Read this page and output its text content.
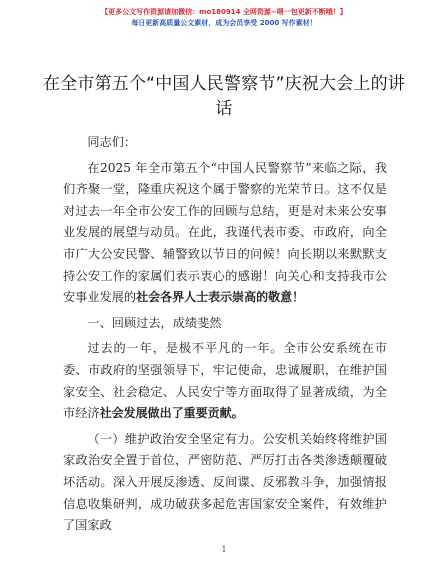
【更多公文写作资源请加微信：mo180914 全网资源~喂一包更新不断哦！】
每日更新高质量公文素材，成为会员享受 2000 写作素材！
在全市第五个“中国人民警察节”庆祝大会上的讲话

同志们：

在2025 年全市第五个“中国人民警察节”来临之际，我们齐聚一堂，隆重庆祝这个属于警察的光荣节日。这不仅是对过去一年全市公安工作的回顾与总结，更是对未来公安事业发展的展望与动员。在此，我谨代表市委、市政府，向全市广大公安民警、辅警致以节日的问候！向长期以来默默支持公安工作的家属们表示衷心的感谢！向关心和支持我市公安事业发展的社会各界人士表示崇高的敬意！

一、回顾过去，成绩斐然

过去的一年，是极不平凡的一年。全市公安系统在市委、市政府的坚强领导下，牢记使命，忠诚履职，在维护国家安全、社会稳定、人民安宁等方面取得了显著成绩，为全市经济社会发展做出了重要贡献。

（一）维护政治安全坚定有力。公安机关始终将维护国家政治安全置于首位，严密防范、严厉打击各类渗透颠覆破坏活动。深入开展反渗透、反间谍、反邪教斗争，加强情报信息收集研判，成功破获多起危害国家安全案件，有效维护了国家政

1
